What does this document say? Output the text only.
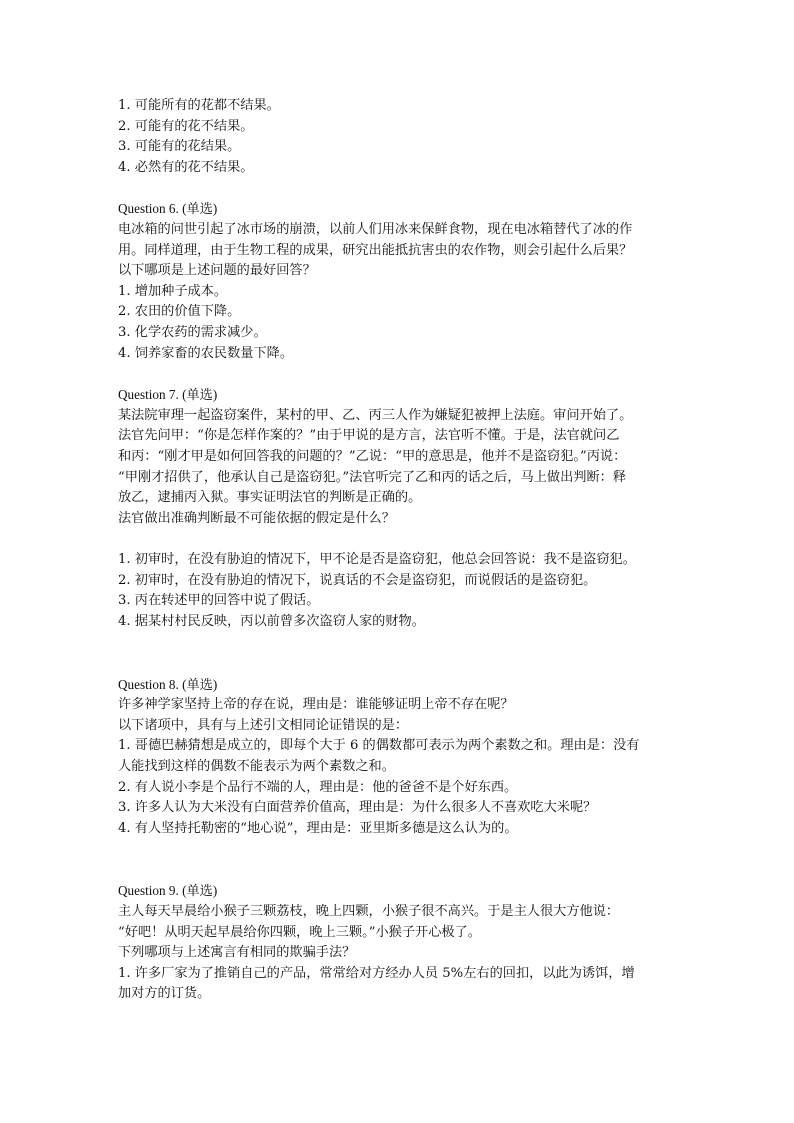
1. 可能所有的花都不结果。
2. 可能有的花不结果。
3. 可能有的花结果。
4. 必然有的花不结果。
Question 6. (单选)
电冰箱的问世引起了冰市场的崩溃，以前人们用冰来保鲜食物，现在电冰箱替代了冰的作
用。同样道理，由于生物工程的成果，研究出能抵抗害虫的农作物，则会引起什么后果？
以下哪项是上述问题的最好回答？
1. 增加种子成本。
2. 农田的价值下降。
3. 化学农药的需求减少。
4. 饲养家畜的农民数量下降。
Question 7. (单选)
某法院审理一起盗窃案件，某村的甲、乙、丙三人作为嫌疑犯被押上法庭。审问开始了。
法官先问甲：“你是怎样作案的？”由于甲说的是方言，法官听不懂。于是，法官就问乙
和丙：“刚才甲是如何回答我的问题的？”乙说：“甲的意思是，他并不是盗窃犯。”丙说：
“甲刚才招供了，他承认自己是盗窃犯。”法官听完了乙和丙的话之后，马上做出判断：释
放乙，逮捕丙入狱。事实证明法官的判断是正确的。
法官做出准确判断最不可能依据的假定是什么？
1. 初审时，在没有胁迫的情况下，甲不论是否是盗窃犯，他总会回答说：我不是盗窃犯。
2. 初审时，在没有胁迫的情况下，说真话的不会是盗窃犯，而说假话的是盗窃犯。
3. 丙在转述甲的回答中说了假话。
4. 据某村村民反映，丙以前曾多次盗窃人家的财物。
Question 8. (单选)
许多神学家坚持上帝的存在说，理由是：谁能够证明上帝不存在呢？
以下诸项中，具有与上述引文相同论证错误的是：
1. 哥德巴赫猜想是成立的，即每个大于 6 的偶数都可表示为两个素数之和。理由是：没有
人能找到这样的偶数不能表示为两个素数之和。
2. 有人说小李是个品行不端的人，理由是：他的爸爸不是个好东西。
3. 许多人认为大米没有白面营养价值高，理由是：为什么很多人不喜欢吃大米呢？
4. 有人坚持托勒密的“地心说”，理由是：亚里斯多德是这么认为的。
Question 9. (单选)
主人每天早晨给小猴子三颗荔枝，晚上四颗，小猴子很不高兴。于是主人很大方他说：
“好吧！从明天起早晨给你四颗，晚上三颗。”小猴子开心极了。
下列哪项与上述寓言有相同的欺骗手法？
1. 许多厂家为了推销自己的产品，常常给对方经办人员 5%左右的回扣，以此为诱饵，增
加对方的订货。
